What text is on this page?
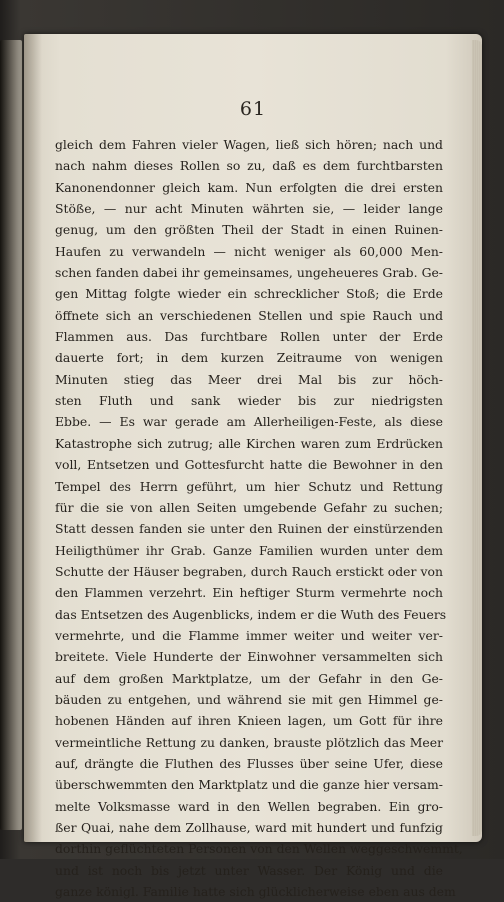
61
gleich dem Fahren vieler Wagen, ließ sich hören; nach und
nach nahm dieses Rollen so zu, daß es dem furchtbarsten
Kanonendonner gleich kam. Nun erfolgten die drei ersten
Stöße, — nur acht Minuten währten sie, — leider lange
genug, um den größten Theil der Stadt in einen Ruinen-
Haufen zu verwandeln — nicht weniger als 60,000 Men-
schen fanden dabei ihr gemeinsames, ungeheueres Grab. Ge-
gen Mittag folgte wieder ein schrecklicher Stoß; die Erde
öffnete sich an verschiedenen Stellen und spie Rauch und
Flammen aus. Das furchtbare Rollen unter der Erde
dauerte fort; in dem kurzen Zeitraume von wenigen
Minuten stieg das Meer drei Mal bis zur höch-
sten Fluth und sank wieder bis zur niedrigsten
Ebbe. — Es war gerade am Allerheiligen-Feste, als diese
Katastrophe sich zutrug; alle Kirchen waren zum Erdrücken
voll, Entsetzen und Gottesfurcht hatte die Bewohner in den
Tempel des Herrn geführt, um hier Schutz und Rettung
für die sie von allen Seiten umgebende Gefahr zu suchen;
Statt dessen fanden sie unter den Ruinen der einstürzenden
Heiligthümer ihr Grab. Ganze Familien wurden unter dem
Schutte der Häuser begraben, durch Rauch erstickt oder von
den Flammen verzehrt. Ein heftiger Sturm vermehrte noch
das Entsetzen des Augenblicks, indem er die Wuth des Feuers
vermehrte, und die Flamme immer weiter und weiter ver-
breitete. Viele Hunderte der Einwohner versammelten sich
auf dem großen Marktplatze, um der Gefahr in den Ge-
bäuden zu entgehen, und während sie mit gen Himmel ge-
hobenen Händen auf ihren Knieen lagen, um Gott für ihre
vermeintliche Rettung zu danken, brauste plötzlich das Meer
auf, drängte die Fluthen des Flusses über seine Ufer, diese
überschwemmten den Marktplatz und die ganze hier versam-
melte Volksmasse ward in den Wellen begraben. Ein gro-
ßer Quai, nahe dem Zollhause, ward mit hundert und funfzig
dorthin geflüchteten Personen von den Wellen weggeschwemmt,
und ist noch bis jetzt unter Wasser. Der König und die
ganze königl. Familie hatte sich glücklicherweise eben aus dem
